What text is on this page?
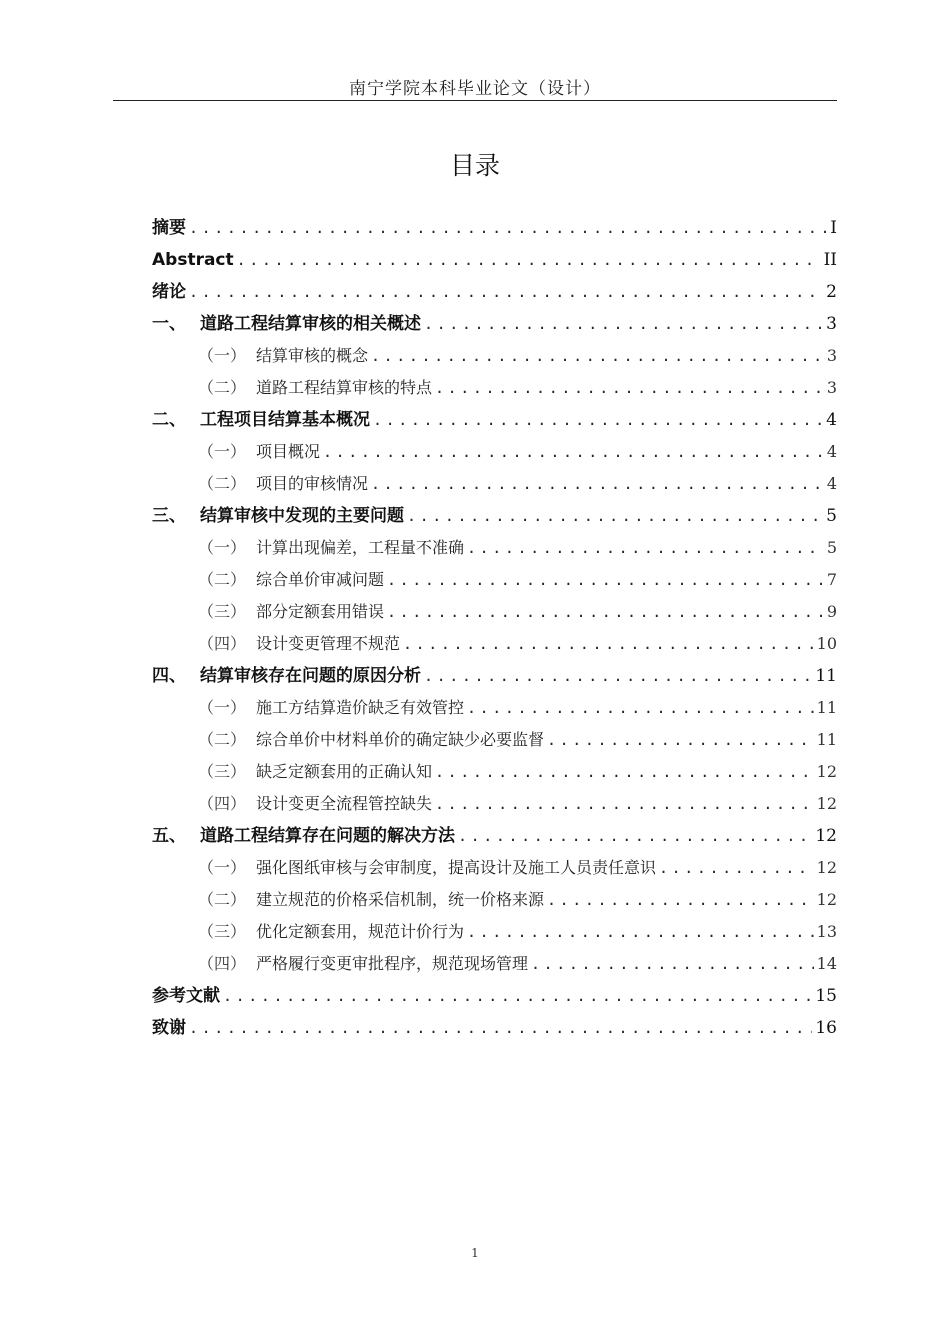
南宁学院本科毕业论文（设计）
目录
摘要 .....	I
Abstract .....	II
绪论 .....	2
一、 道路工程结算审核的相关概述 .....	3
（一） 结算审核的概念 .....	3
（二） 道路工程结算审核的特点 .....	3
二、 工程项目结算基本概况 .....	4
（一） 项目概况 .....	4
（二） 项目的审核情况 .....	4
三、 结算审核中发现的主要问题 .....	5
（一） 计算出现偏差，工程量不准确 .....	5
（二） 综合单价审减问题 .....	7
（三） 部分定额套用错误 .....	9
（四） 设计变更管理不规范 .....	10
四、 结算审核存在问题的原因分析 .....	11
（一） 施工方结算造价缺乏有效管控 .....	11
（二） 综合单价中材料单价的确定缺少必要监督 .....	11
（三） 缺乏定额套用的正确认知 .....	12
（四） 设计变更全流程管控缺失 .....	12
五、 道路工程结算存在问题的解决方法 .....	12
（一） 强化图纸审核与会审制度，提高设计及施工人员责任意识 .....	12
（二） 建立规范的价格采信机制，统一价格来源 .....	12
（三） 优化定额套用，规范计价行为 .....	13
（四） 严格履行变更审批程序，规范现场管理 .....	14
参考文献 .....	15
致谢 .....	16
1
